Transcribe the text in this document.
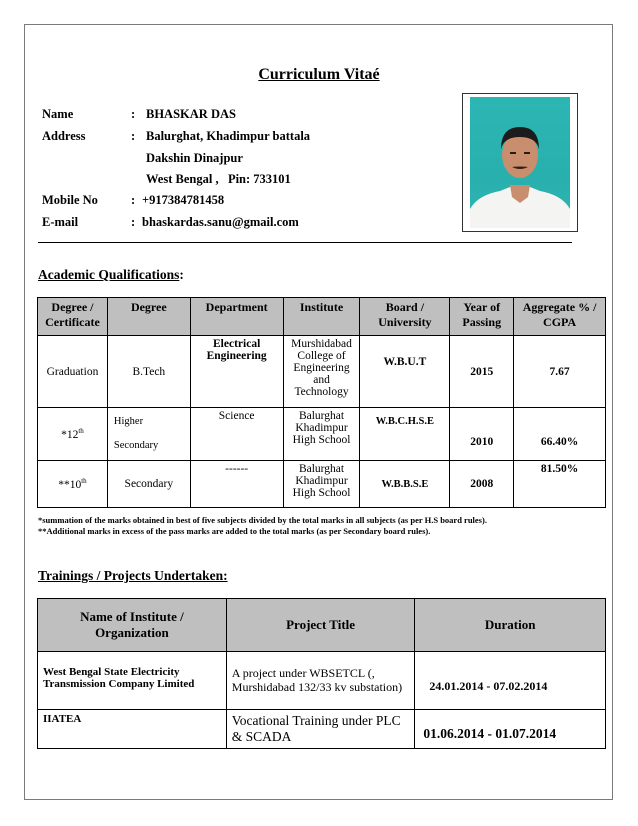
Curriculum Vitaé
Name	: BHASKAR DAS
Address	: Balurghat, Khadimpur battala
Dakshin Dinajpur
West Bengal ,   Pin: 733101
Mobile No	: +917384781458
E-mail	: bhaskardas.sanu@gmail.com
Academic Qualifications:
Degree / Certificate	Degree	Department	Institute	Board / University	Year of Passing	Aggregate % / CGPA
Graduation	B.Tech	Electrical Engineering	Murshidabad College of Engineering and Technology	W.B.U.T	2015	7.67
*12th	Higher Secondary	Science	Balurghat Khadimpur High School	W.B.C.H.S.E	2010	66.40%
**10th	Secondary	------	Balurghat Khadimpur High School	W.B.B.S.E	2008	81.50%
*summation of the marks obtained in best of five subjects divided by the total marks in all subjects (as per H.S board rules).
**Additional marks in excess of the pass marks are added to the total marks (as per Secondary board rules).
Trainings / Projects Undertaken:
Name of Institute / Organization	Project Title	Duration
West Bengal State Electricity Transmission Company Limited	A project under WBSETCL (, Murshidabad 132/33 kv substation)	24.01.2014 - 07.02.2014
IIATEA	Vocational Training under PLC & SCADA	01.06.2014 - 01.07.2014
